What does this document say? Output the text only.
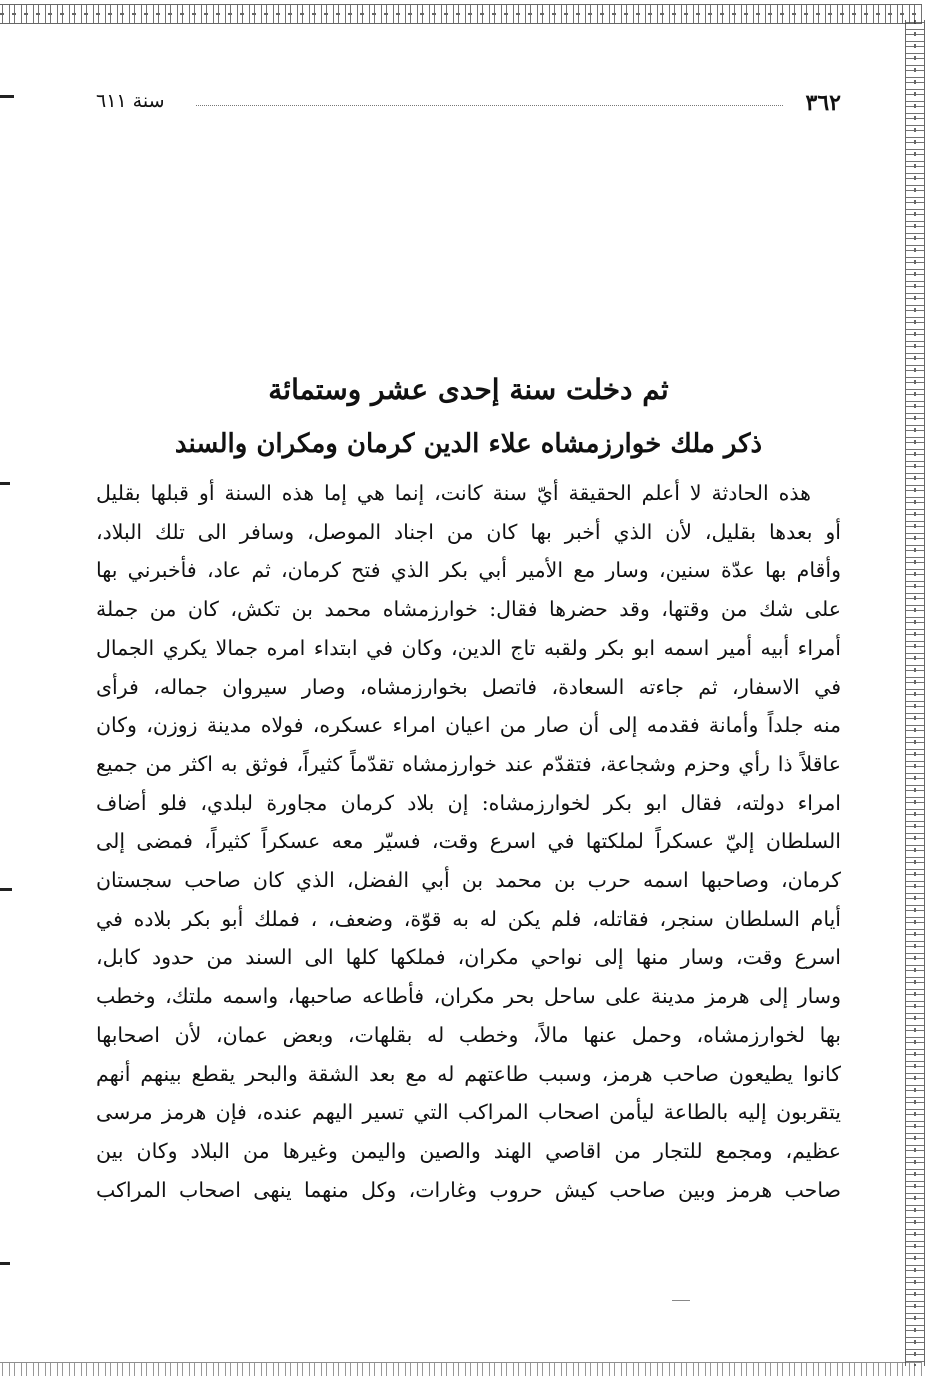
٣٦٢
سنة ٦١١
ثم دخلت سنة إحدى عشر وستمائة
ذكر ملك خوارزمشاه علاء الدين كرمان ومكران والسند

هذه الحادثة لا أعلم الحقيقة أيّ سنة كانت، إنما هي إما هذه السنة أو قبلها بقليل
أو بعدها بقليل، لأن الذي أخبر بها كان من اجناد الموصل، وسافر الى تلك البلاد،
وأقام بها عدّة سنين، وسار مع الأمير أبي بكر الذي فتح كرمان، ثم عاد، فأخبرني بها
على شك من وقتها، وقد حضرها فقال: خوارزمشاه محمد بن تكش، كان من جملة
أمراء أبيه أمير اسمه ابو بكر ولقبه تاج الدين، وكان في ابتداء امره جمالا يكري الجمال
في الاسفار، ثم جاءته السعادة، فاتصل بخوارزمشاه، وصار سيروان جماله، فرأى
منه جلداً وأمانة فقدمه إلى أن صار من اعيان امراء عسكره، فولاه مدينة زوزن، وكان
عاقلاً ذا رأي وحزم وشجاعة، فتقدّم عند خوارزمشاه تقدّماً كثيراً، فوثق به اكثر من جميع
امراء دولته، فقال ابو بكر لخوارزمشاه: إن بلاد كرمان مجاورة لبلدي، فلو أضاف
السلطان إليّ عسكراً لملكتها في اسرع وقت، فسيّر معه عسكراً كثيراً، فمضى إلى
كرمان، وصاحبها اسمه حرب بن محمد بن أبي الفضل، الذي كان صاحب سجستان
أيام السلطان سنجر، فقاتله، فلم يكن له به قوّة، وضعف، ، فملك أبو بكر بلاده في
اسرع وقت، وسار منها إلى نواحي مكران، فملكها كلها الى السند من حدود كابل،
وسار إلى هرمز مدينة على ساحل بحر مكران، فأطاعه صاحبها، واسمه ملتك، وخطب
بها لخوارزمشاه، وحمل عنها مالاً، وخطب له بقلهات، وبعض عمان، لأن اصحابها
كانوا يطيعون صاحب هرمز، وسبب طاعتهم له مع بعد الشقة والبحر يقطع بينهم أنهم
يتقربون إليه بالطاعة ليأمن اصحاب المراكب التي تسير اليهم عنده، فإن هرمز مرسى
عظيم، ومجمع للتجار من اقاصي الهند والصين واليمن وغيرها من البلاد وكان بين
صاحب هرمز وبين صاحب كيش حروب وغارات، وكل منهما ينهى اصحاب المراكب
